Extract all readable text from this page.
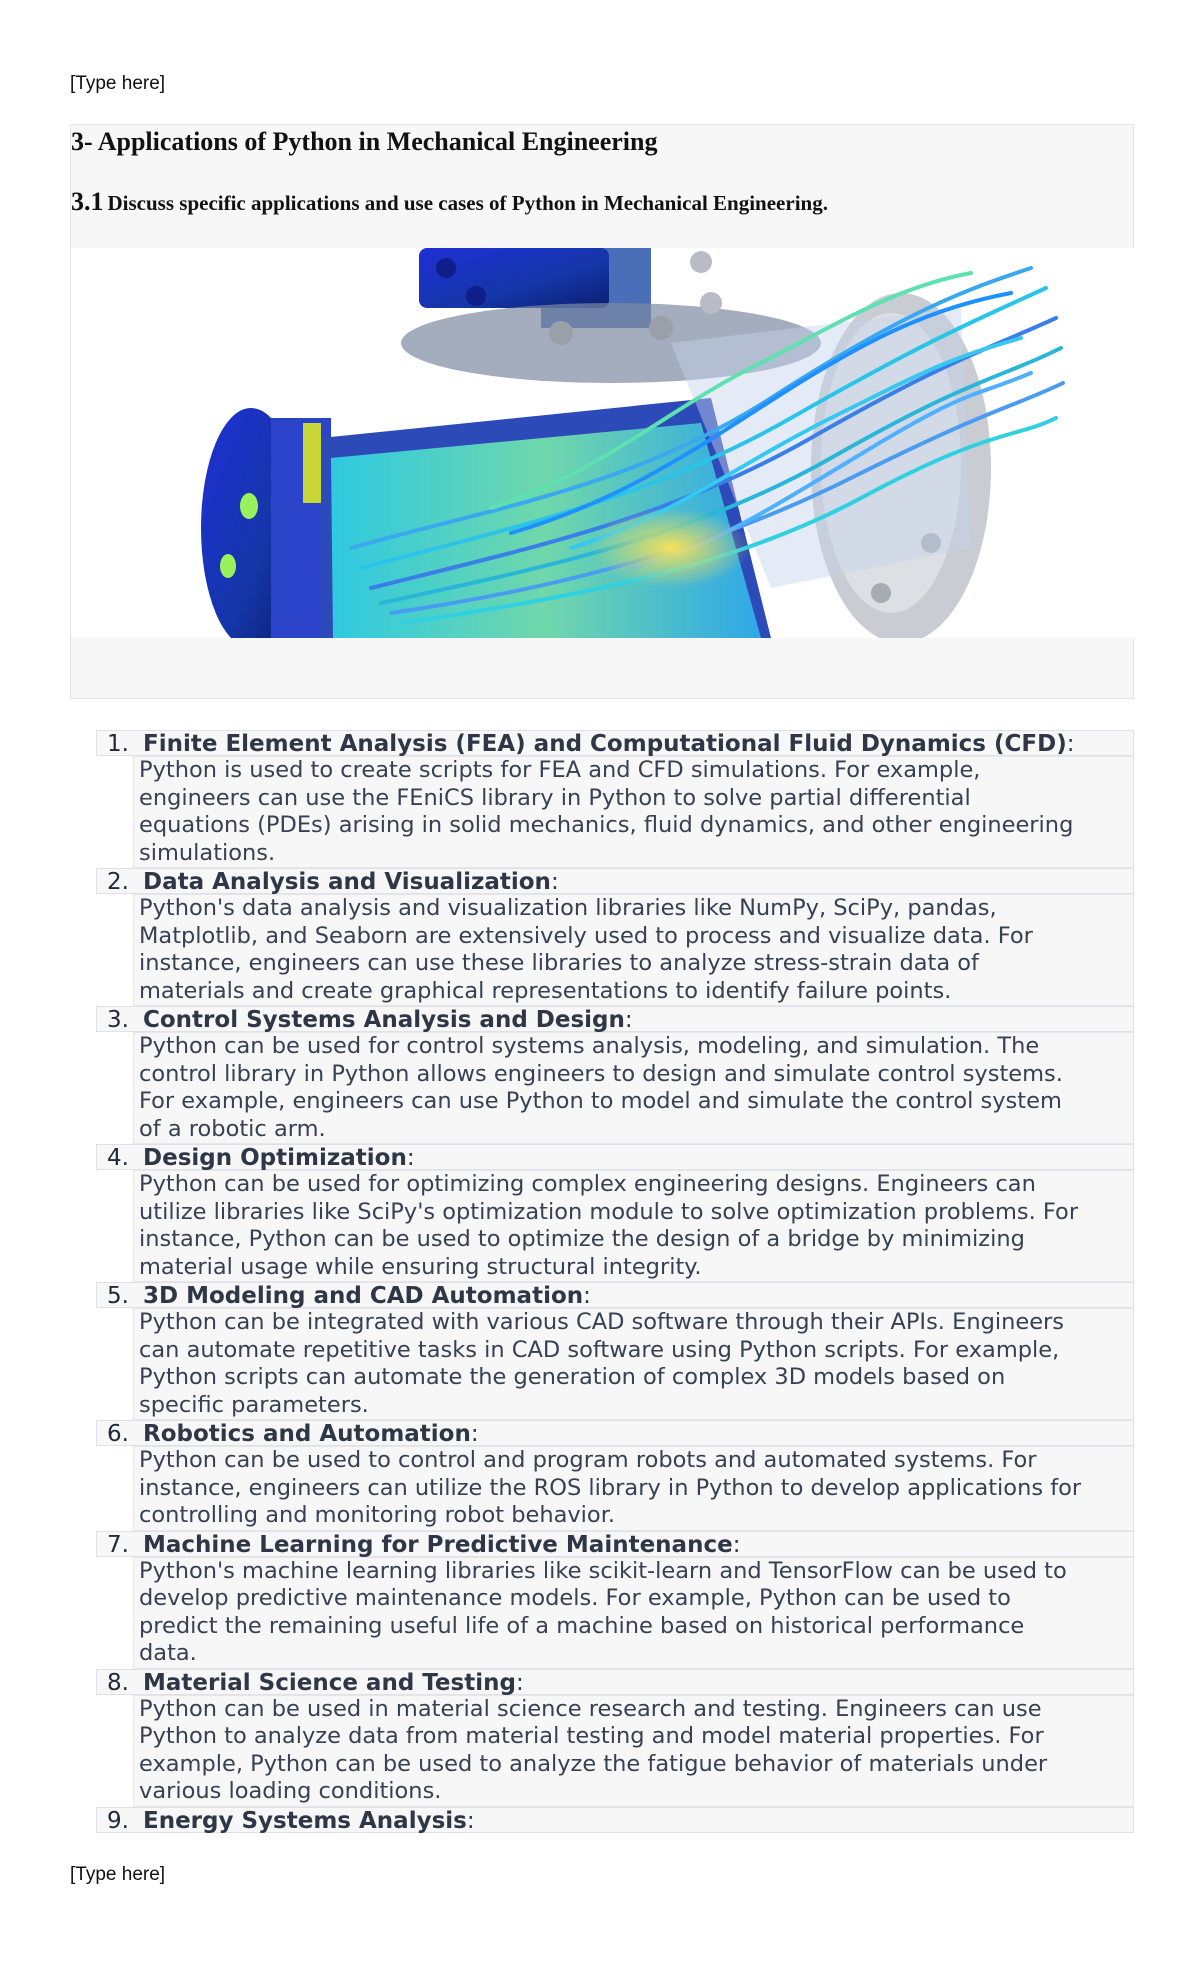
[Type here]
3- Applications of Python in Mechanical Engineering
3.1 Discuss specific applications and use cases of Python in Mechanical Engineering.
1. Finite Element Analysis (FEA) and Computational Fluid Dynamics (CFD):
Python is used to create scripts for FEA and CFD simulations. For example,
engineers can use the FEniCS library in Python to solve partial differential
equations (PDEs) arising in solid mechanics, fluid dynamics, and other engineering
simulations.
2. Data Analysis and Visualization:
Python's data analysis and visualization libraries like NumPy, SciPy, pandas,
Matplotlib, and Seaborn are extensively used to process and visualize data. For
instance, engineers can use these libraries to analyze stress-strain data of
materials and create graphical representations to identify failure points.
3. Control Systems Analysis and Design:
Python can be used for control systems analysis, modeling, and simulation. The
control library in Python allows engineers to design and simulate control systems.
For example, engineers can use Python to model and simulate the control system
of a robotic arm.
4. Design Optimization:
Python can be used for optimizing complex engineering designs. Engineers can
utilize libraries like SciPy's optimization module to solve optimization problems. For
instance, Python can be used to optimize the design of a bridge by minimizing
material usage while ensuring structural integrity.
5. 3D Modeling and CAD Automation:
Python can be integrated with various CAD software through their APIs. Engineers
can automate repetitive tasks in CAD software using Python scripts. For example,
Python scripts can automate the generation of complex 3D models based on
specific parameters.
6. Robotics and Automation:
Python can be used to control and program robots and automated systems. For
instance, engineers can utilize the ROS library in Python to develop applications for
controlling and monitoring robot behavior.
7. Machine Learning for Predictive Maintenance:
Python's machine learning libraries like scikit-learn and TensorFlow can be used to
develop predictive maintenance models. For example, Python can be used to
predict the remaining useful life of a machine based on historical performance
data.
8. Material Science and Testing:
Python can be used in material science research and testing. Engineers can use
Python to analyze data from material testing and model material properties. For
example, Python can be used to analyze the fatigue behavior of materials under
various loading conditions.
9. Energy Systems Analysis:
[Type here]
